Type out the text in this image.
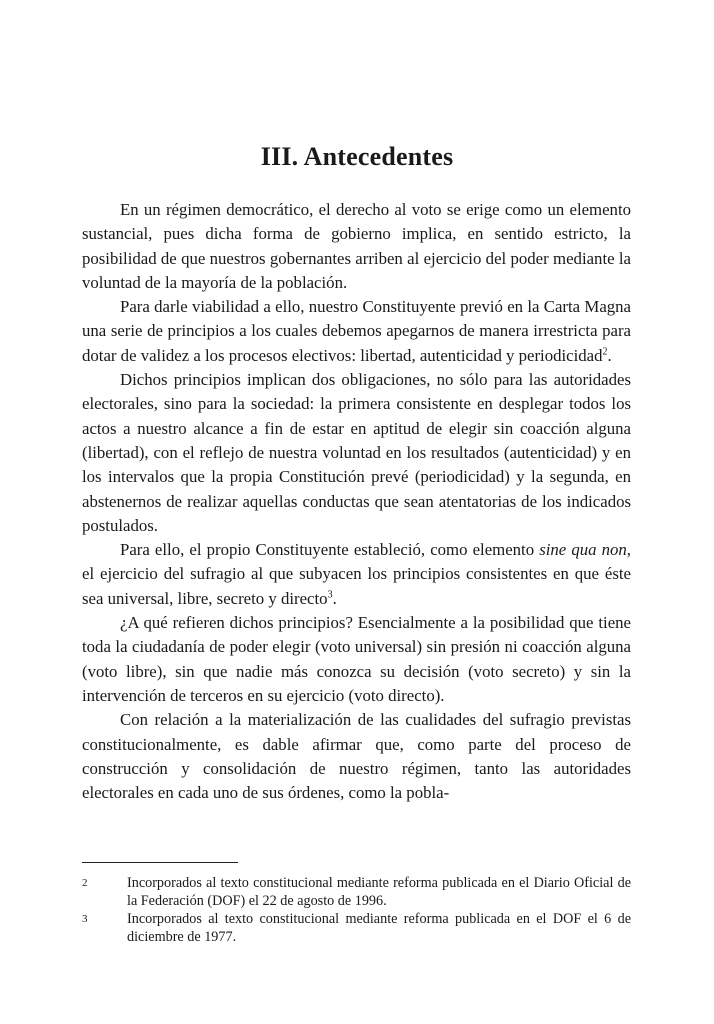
III. Antecedentes

En un régimen democrático, el derecho al voto se erige como un elemento sustancial, pues dicha forma de gobierno implica, en sentido estricto, la posibilidad de que nuestros gobernantes arriben al ejercicio del poder mediante la voluntad de la mayoría de la población.

Para darle viabilidad a ello, nuestro Constituyente previó en la Carta Magna una serie de principios a los cuales debemos apegarnos de manera irrestricta para dotar de validez a los procesos electivos: libertad, autenticidad y periodicidad$^2$.

Dichos principios implican dos obligaciones, no sólo para las autoridades electorales, sino para la sociedad: la primera consistente en desplegar todos los actos a nuestro alcance a fin de estar en aptitud de elegir sin coacción alguna (libertad), con el reflejo de nuestra voluntad en los resultados (autenticidad) y en los intervalos que la propia Constitución prevé (periodicidad) y la segunda, en abstenernos de realizar aquellas conductas que sean atentatorias de los indicados postulados.

Para ello, el propio Constituyente estableció, como elemento sine qua non, el ejercicio del sufragio al que subyacen los principios consistentes en que éste sea universal, libre, secreto y directo$^3$.

¿A qué refieren dichos principios? Esencialmente a la posibilidad que tiene toda la ciudadanía de poder elegir (voto universal) sin presión ni coacción alguna (voto libre), sin que nadie más conozca su decisión (voto secreto) y sin la intervención de terceros en su ejercicio (voto directo).

Con relación a la materialización de las cualidades del sufragio previstas constitucionalmente, es dable afirmar que, como parte del proceso de construcción y consolidación de nuestro régimen, tanto las autoridades electorales en cada uno de sus órdenes, como la pobla-

2	Incorporados al texto constitucional mediante reforma publicada en el Diario Oficial de la Federación (DOF) el 22 de agosto de 1996.
3	Incorporados al texto constitucional mediante reforma publicada en el DOF el 6 de diciembre de 1977.
